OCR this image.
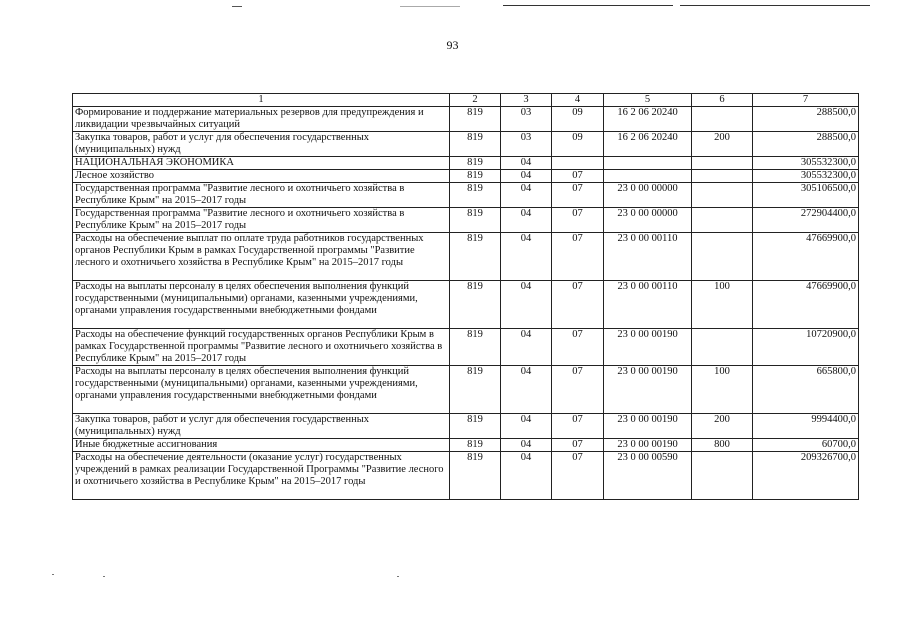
93
1	2	3	4	5	6	7
Формирование и поддержание материальных резервов для предупреждения и ликвидации чрезвычайных ситуаций	819	03	09	16 2 06 20240		288500,0
Закупка товаров, работ и услуг для обеспечения государственных (муниципальных) нужд	819	03	09	16 2 06 20240	200	288500,0
НАЦИОНАЛЬНАЯ ЭКОНОМИКА	819	04				305532300,0
Лесное хозяйство	819	04	07			305532300,0
Государственная программа "Развитие лесного и охотничьего хозяйства в Республике Крым" на 2015–2017 годы	819	04	07	23 0 00 00000		305106500,0
Государственная программа "Развитие лесного и охотничьего хозяйства в Республике Крым" на 2015–2017 годы	819	04	07	23 0 00 00000		272904400,0
Расходы на обеспечение выплат по оплате труда работников государственных органов Республики Крым в рамках Государственной программы "Развитие лесного и охотничьего хозяйства в Республике Крым" на 2015–2017 годы	819	04	07	23 0 00 00110		47669900,0
Расходы на выплаты персоналу в целях обеспечения выполнения функций государственными (муниципальными) органами, казенными учреждениями, органами управления государственными внебюджетными фондами	819	04	07	23 0 00 00110	100	47669900,0
Расходы на обеспечение функций государственных органов Республики Крым в рамках Государственной программы "Развитие лесного и охотничьего хозяйства в Республике Крым" на 2015–2017 годы	819	04	07	23 0 00 00190		10720900,0
Расходы на выплаты персоналу в целях обеспечения выполнения функций государственными (муниципальными) органами, казенными учреждениями, органами управления государственными внебюджетными фондами	819	04	07	23 0 00 00190	100	665800,0
Закупка товаров, работ и услуг для обеспечения государственных (муниципальных) нужд	819	04	07	23 0 00 00190	200	9994400,0
Иные бюджетные ассигнования	819	04	07	23 0 00 00190	800	60700,0
Расходы на обеспечение деятельности (оказание услуг) государственных учреждений в рамках реализации Государственной Программы "Развитие лесного и охотничьего хозяйства в Республике Крым" на 2015–2017 годы	819	04	07	23 0 00 00590		209326700,0
